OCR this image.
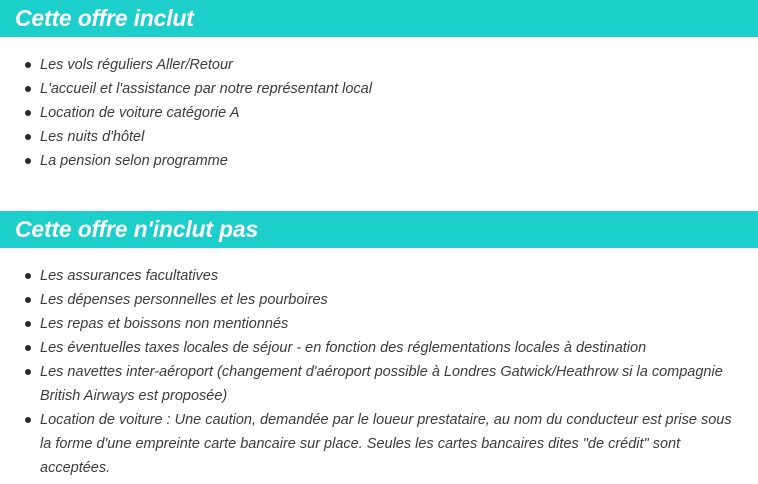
Cette offre inclut
Les vols réguliers Aller/Retour
L'accueil et l'assistance par notre représentant local
Location de voiture catégorie A
Les nuits d'hôtel
La pension selon programme
Cette offre n'inclut pas
Les assurances facultatives
Les dépenses personnelles et les pourboires
Les repas et boissons non mentionnés
Les éventuelles taxes locales de séjour - en fonction des réglementations locales à destination
Les navettes inter-aéroport (changement d'aéroport possible à Londres Gatwick/Heathrow si la compagnie British Airways est proposée)
Location de voiture : Une caution, demandée par le loueur prestataire, au nom du conducteur est prise sous la forme d'une empreinte carte bancaire sur place. Seules les cartes bancaires dites "de crédit" sont acceptées.
